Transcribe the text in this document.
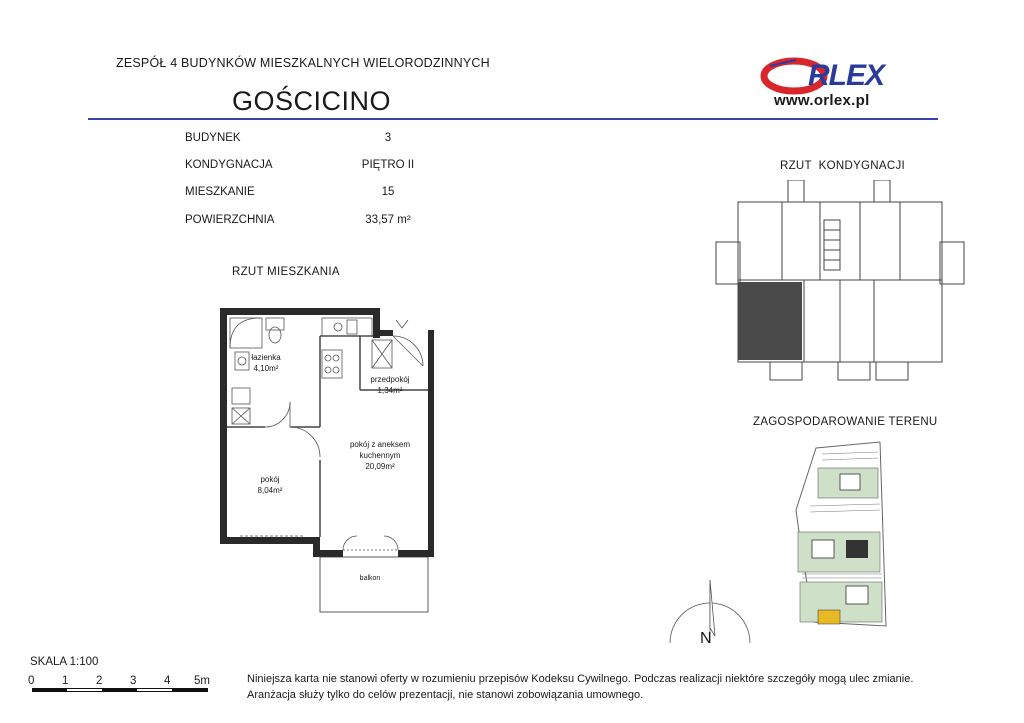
ZESPÓŁ 4 BUDYNKÓW MIESZKALNYCH WIELORODZINNYCH
GOŚCICINO
RLEX
www.orlex.pl
BUDYNEK	3
KONDYGNACJA	PIĘTRO II
MIESZKANIE	15
POWIERZCHNIA	33,57 m²
RZUT MIESZKANIA
RZUT  KONDYGNACJI
ZAGOSPODAROWANIE TERENU
łazienka
4,10m²
przedpokój
1,34m²
pokój z aneksem
kuchennym
20,09m²
pokój
8,04m²
balkon
N
SKALA 1:100
0 1 2 3 4 5m	Niniejsza karta nie stanowi oferty w rozumieniu przepisów Kodeksu Cywilnego. Podczas realizacji niektóre szczegóły mogą ulec zmianie.
Aranżacja służy tylko do celów prezentacji, nie stanowi zobowiązania umownego.
